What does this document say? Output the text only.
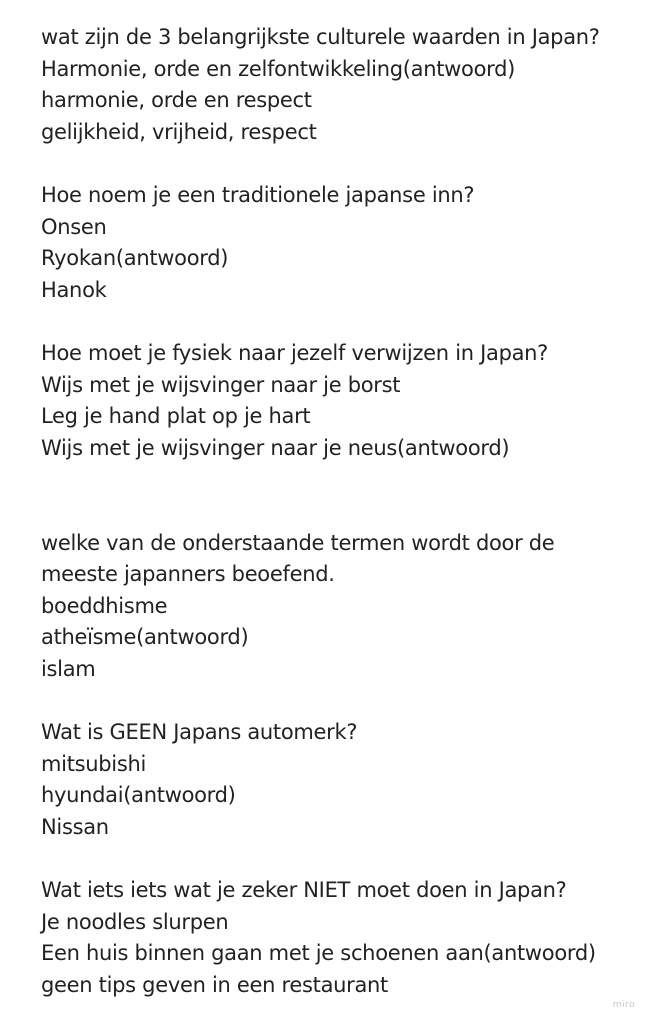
wat zijn de 3 belangrijkste culturele waarden in Japan?
Harmonie, orde en zelfontwikkeling(antwoord)
harmonie, orde en respect
gelijkheid, vrijheid, respect
Hoe noem je een traditionele japanse inn?
Onsen
Ryokan(antwoord)
Hanok
Hoe moet je fysiek naar jezelf verwijzen in Japan?
Wijs met je wijsvinger naar je borst
Leg je hand plat op je hart
Wijs met je wijsvinger naar je neus(antwoord)
welke van de onderstaande termen wordt door de
meeste japanners beoefend.
boeddhisme
atheïsme(antwoord)
islam
Wat is GEEN Japans automerk?
mitsubishi
hyundai(antwoord)
Nissan
Wat iets iets wat je zeker NIET moet doen in Japan?
Je noodles slurpen
Een huis binnen gaan met je schoenen aan(antwoord)
geen tips geven in een restaurant
miro
